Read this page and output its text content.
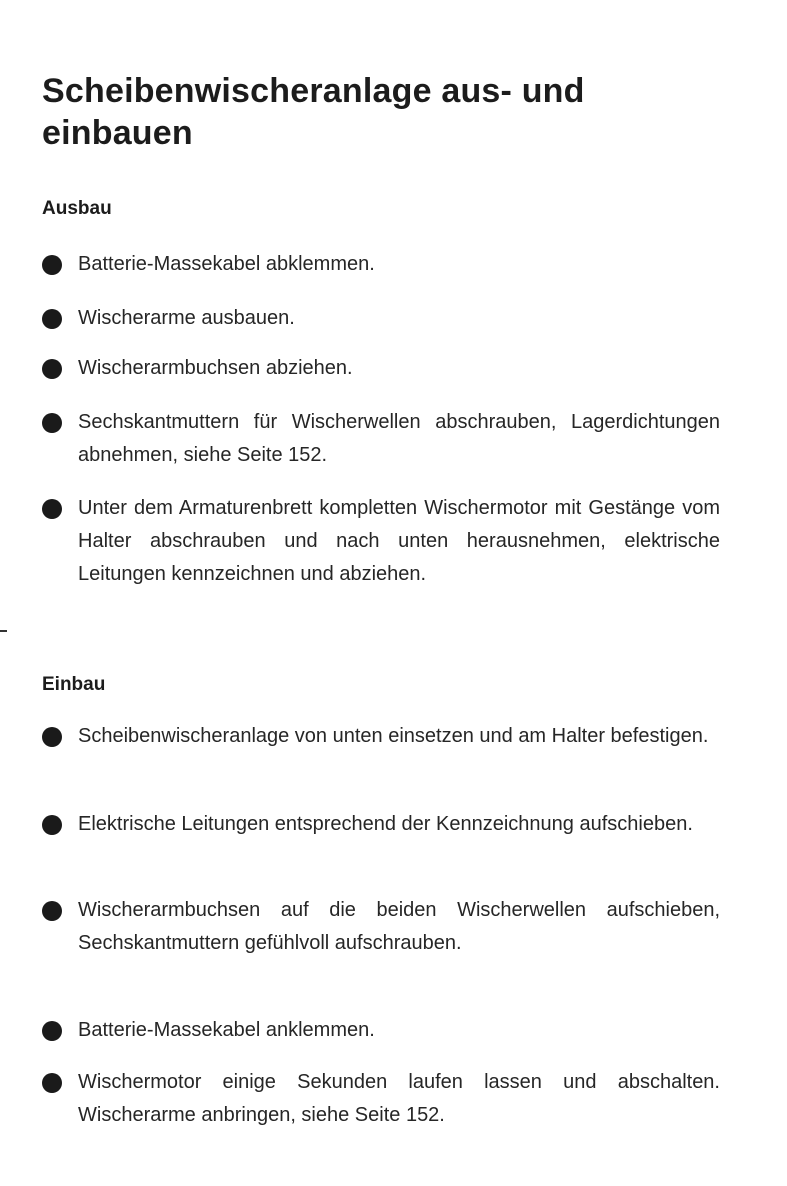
Scheibenwischeranlage aus- und
einbauen
Ausbau
Batterie-Massekabel abklemmen.
Wischerarme ausbauen.
Wischerarmbuchsen abziehen.
Sechskantmuttern für Wischerwellen abschrauben, Lagerdichtungen abnehmen, siehe Seite 152.
Unter dem Armaturenbrett kompletten Wischermotor mit Gestänge vom Halter abschrauben und nach unten herausnehmen, elektrische Leitungen kennzeichnen und abziehen.
Einbau
Scheibenwischeranlage von unten einsetzen und am Halter befestigen.
Elektrische Leitungen entsprechend der Kennzeichnung aufschieben.
Wischerarmbuchsen auf die beiden Wischerwellen aufschieben, Sechskantmuttern gefühlvoll aufschrauben.
Batterie-Massekabel anklemmen.
Wischermotor einige Sekunden laufen lassen und abschalten. Wischerarme anbringen, siehe Seite 152.
